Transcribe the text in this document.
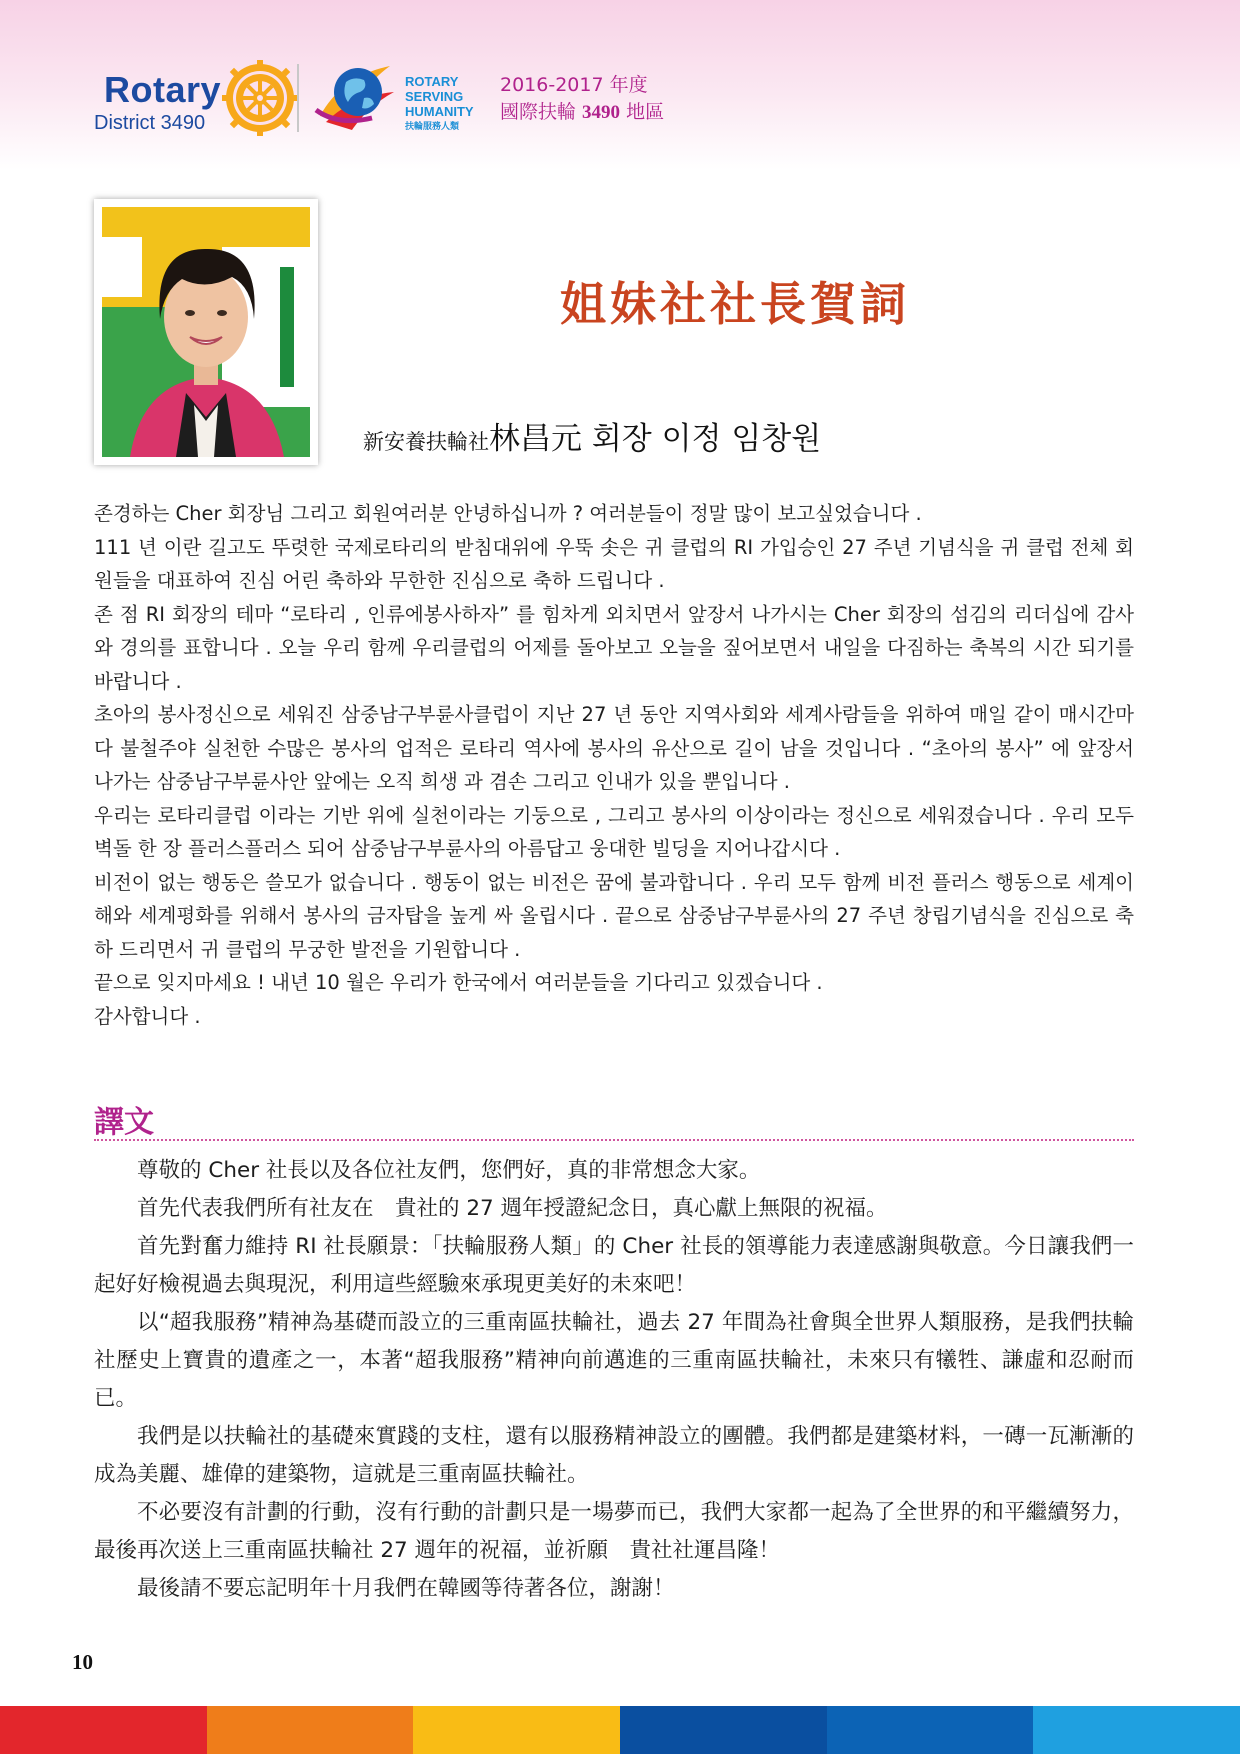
Rotary
District 3490
ROTARY
SERVING
HUMANITY
扶輪服務人類
2016-2017 年度
國際扶輪 3490 地區
姐妹社社長賀詞
新安養扶輪社林昌元 회장 이정 임창원

존경하는 Cher 회장님 그리고 회원여러분 안녕하십니까 ? 여러분들이 정말 많이 보고싶었습니다 .

111 년 이란 길고도 뚜렷한 국제로타리의 받침대위에 우뚝 솟은 귀 클럽의 RI 가입승인 27 주년 기념식을 귀 클럽 전체 회원들을 대표하여 진심 어린 축하와 무한한 진심으로 축하 드립니다 .

존 점 RI 회장의 테마 “로타리 , 인류에봉사하자” 를 힘차게 외치면서 앞장서 나가시는 Cher 회장의 섬김의 리더십에 감사와 경의를 표합니다 . 오늘 우리 함께 우리클럽의 어제를 돌아보고 오늘을 짚어보면서 내일을 다짐하는 축복의 시간 되기를 바랍니다 .

초아의 봉사정신으로 세워진 삼중남구부륜사클럽이 지난 27 년 동안 지역사회와 세계사람들을 위하여 매일 같이 매시간마다 불철주야 실천한 수많은 봉사의 업적은 로타리 역사에 봉사의 유산으로 길이 남을 것입니다 . “초아의 봉사” 에 앞장서 나가는 삼중남구부륜사안 앞에는 오직 희생 과 겸손 그리고 인내가 있을 뿐입니다 .

우리는 로타리클럽 이라는 기반 위에 실천이라는 기둥으로 , 그리고 봉사의 이상이라는 정신으로 세워졌습니다 . 우리 모두 벽돌 한 장 플러스플러스 되어 삼중남구부륜사의 아름답고 웅대한 빌딩을 지어나갑시다 .

비전이 없는 행동은 쓸모가 없습니다 . 행동이 없는 비전은 꿈에 불과합니다 . 우리 모두 함께 비전 플러스 행동으로 세계이해와 세계평화를 위해서 봉사의 금자탑을 높게 싸 올립시다 . 끝으로 삼중남구부륜사의 27 주년 창립기념식을 진심으로 축하 드리면서 귀 클럽의 무궁한 발전을 기원합니다 .

끝으로 잊지마세요 ! 내년 10 월은 우리가 한국에서 여러분들을 기다리고 있겠습니다 .

감사합니다 .

譯文

尊敬的 Cher 社長以及各位社友們，您們好，真的非常想念大家。

首先代表我們所有社友在　貴社的 27 週年授證紀念日，真心獻上無限的祝福。

首先對奮力維持 RI 社長願景：「扶輪服務人類」的 Cher 社長的領導能力表達感謝與敬意。今日讓我們一起好好檢視過去與現況，利用這些經驗來承現更美好的未來吧！

以“超我服務”精神為基礎而設立的三重南區扶輪社，過去 27 年間為社會與全世界人類服務，是我們扶輪社歷史上寶貴的遺產之一，本著“超我服務”精神向前邁進的三重南區扶輪社，未來只有犧牲、謙虛和忍耐而已。

我們是以扶輪社的基礎來實踐的支柱，還有以服務精神設立的團體。我們都是建築材料，一磚一瓦漸漸的成為美麗、雄偉的建築物，這就是三重南區扶輪社。

不必要沒有計劃的行動，沒有行動的計劃只是一場夢而已，我們大家都一起為了全世界的和平繼續努力，最後再次送上三重南區扶輪社 27 週年的祝福，並祈願　貴社社運昌隆！

最後請不要忘記明年十月我們在韓國等待著各位，謝謝！

10
